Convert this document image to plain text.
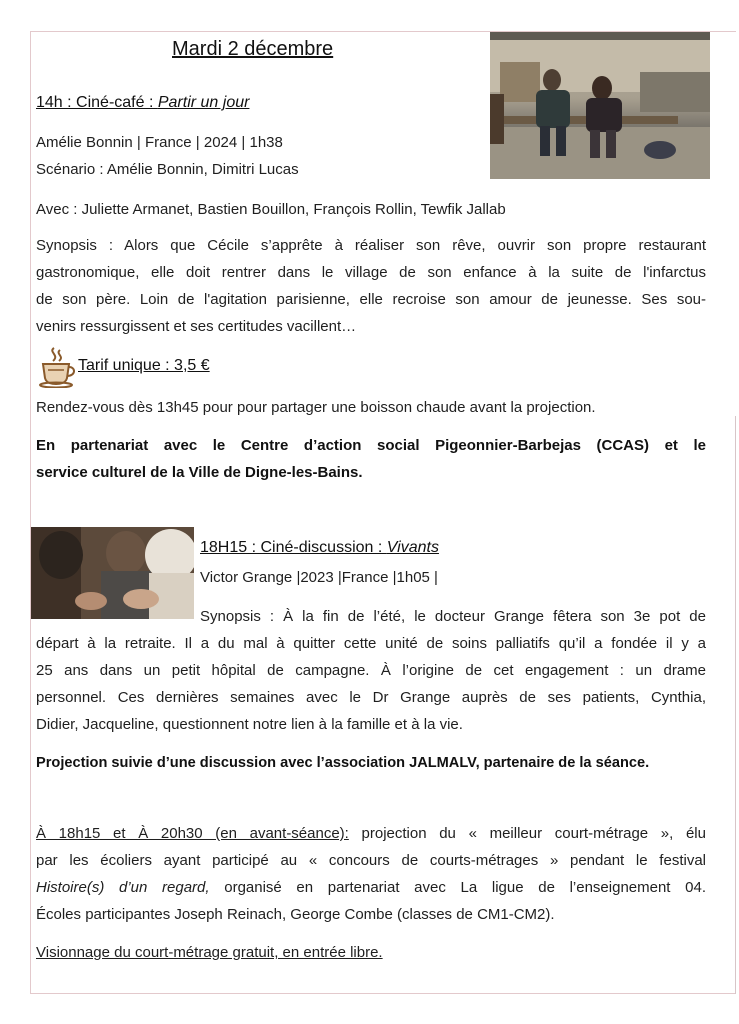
Mardi 2 décembre
14h : Ciné-café : Partir un jour
Amélie Bonnin | France | 2024 | 1h38
Scénario : Amélie Bonnin, Dimitri Lucas
Avec : Juliette Armanet, Bastien Bouillon, François Rollin, Tewfik Jallab
Synopsis : Alors que Cécile s’apprête à réaliser son rêve, ouvrir son propre restaurant
gastronomique, elle doit rentrer dans le village de son enfance à la suite de l'infarctus
de son père. Loin de l'agitation parisienne, elle recroise son amour de jeunesse. Ses sou-
venirs ressurgissent et ses certitudes vacillent…
Tarif unique : 3,5 €
Rendez-vous dès 13h45 pour pour partager une boisson chaude avant la projection.
En partenariat avec le Centre d’action social Pigeonnier-Barbejas (CCAS) et le
service culturel de la Ville de Digne-les-Bains.
18H15 : Ciné-discussion : Vivants
Victor Grange |2023 |France |1h05 |
Synopsis : À la fin de l’été, le docteur Grange fêtera son 3e pot de
départ à la retraite. Il a du mal à quitter cette unité de soins palliatifs qu’il a fondée il y a
25 ans dans un petit hôpital de campagne. À l’origine de cet engagement : un drame
personnel. Ces dernières semaines avec le Dr Grange auprès de ses patients, Cynthia,
Didier, Jacqueline, questionnent notre lien à la famille et à la vie.
Projection suivie d’une discussion avec l’association JALMALV, partenaire de la séance.
À 18h15 et À 20h30 (en avant-séance): projection du « meilleur court-métrage », élu
par les écoliers ayant participé au « concours de courts-métrages » pendant le festival
Histoire(s) d’un regard, organisé en partenariat avec La ligue de l’enseignement 04.
Écoles participantes Joseph Reinach, George Combe (classes de CM1-CM2).
Visionnage du court-métrage gratuit, en entrée libre.
